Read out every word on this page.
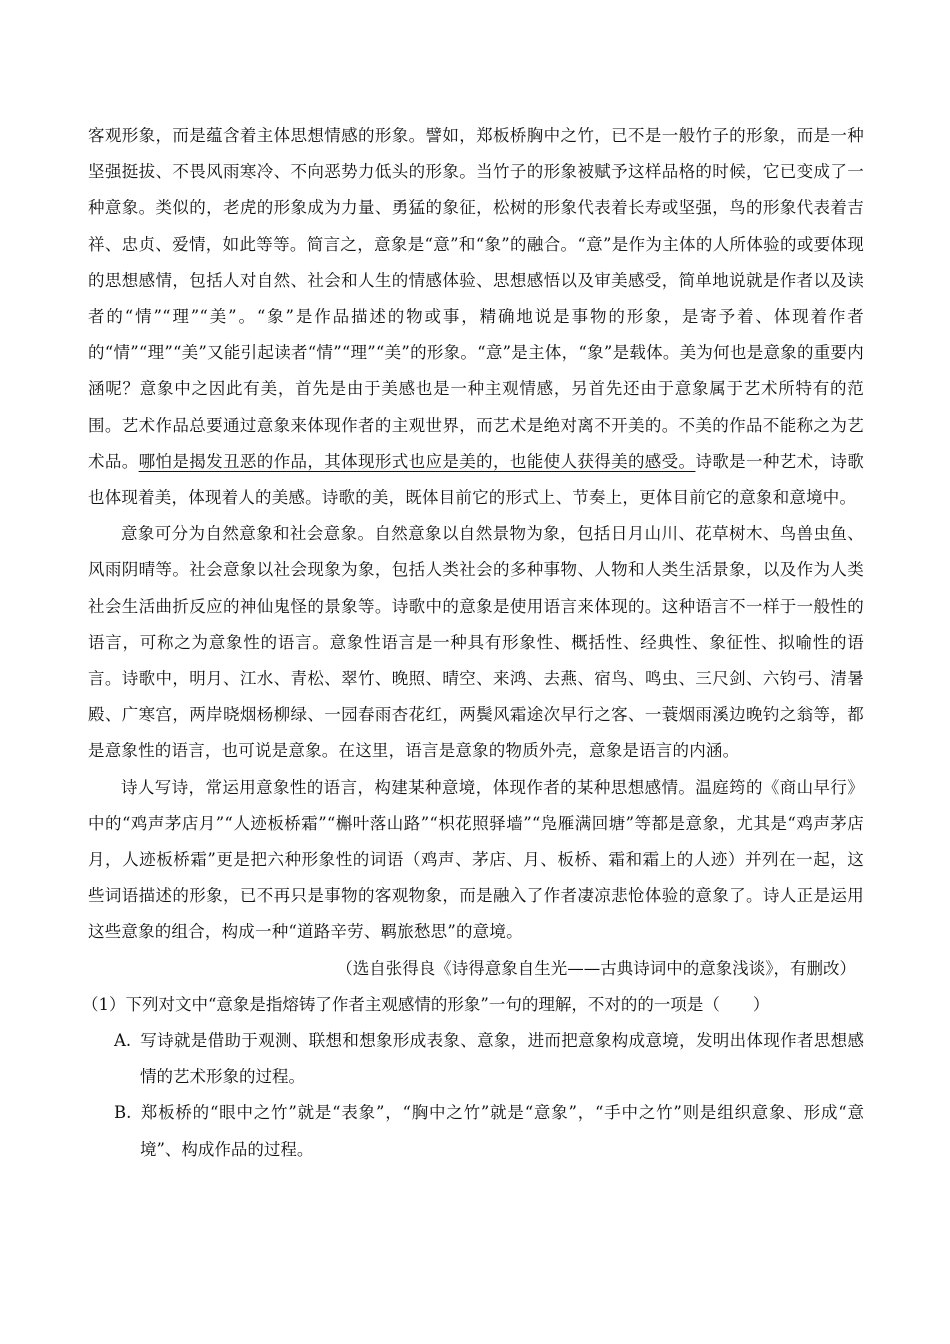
客观形象，而是蕴含着主体思想情感的形象。譬如，郑板桥胸中之竹，已不是一般竹子的形象，而是一种坚强挺拔、不畏风雨寒冷、不向恶势力低头的形象。当竹子的形象被赋予这样品格的时候，它已变成了一种意象。类似的，老虎的形象成为力量、勇猛的象征，松树的形象代表着长寿或坚强，鸟的形象代表着吉祥、忠贞、爱情，如此等等。简言之，意象是“意”和“象”的融合。“意”是作为主体的人所体验的或要体现的思想感情，包括人对自然、社会和人生的情感体验、思想感悟以及审美感受，简单地说就是作者以及读者的“情”“理”“美”。“象”是作品描述的物或事，精确地说是事物的形象，是寄予着、体现着作者的“情”“理”“美”又能引起读者“情”“理”“美”的形象。“意”是主体，“象”是载体。美为何也是意象的重要内涵呢？意象中之因此有美，首先是由于美感也是一种主观情感，另首先还由于意象属于艺术所特有的范围。艺术作品总要通过意象来体现作者的主观世界，而艺术是绝对离不开美的。不美的作品不能称之为艺术品。哪怕是揭发丑恶的作品，其体现形式也应是美的，也能使人获得美的感受。诗歌是一种艺术，诗歌也体现着美，体现着人的美感。诗歌的美，既体目前它的形式上、节奏上，更体目前它的意象和意境中。

意象可分为自然意象和社会意象。自然意象以自然景物为象，包括日月山川、花草树木、鸟兽虫鱼、风雨阴晴等。社会意象以社会现象为象，包括人类社会的多种事物、人物和人类生活景象，以及作为人类社会生活曲折反应的神仙鬼怪的景象等。诗歌中的意象是使用语言来体现的。这种语言不一样于一般性的语言，可称之为意象性的语言。意象性语言是一种具有形象性、概括性、经典性、象征性、拟喻性的语言。诗歌中，明月、江水、青松、翠竹、晚照、晴空、来鸿、去燕、宿鸟、鸣虫、三尺剑、六钧弓、清暑殿、广寒宫，两岸晓烟杨柳绿、一园春雨杏花红，两鬓风霜途次早行之客、一蓑烟雨溪边晚钓之翁等，都是意象性的语言，也可说是意象。在这里，语言是意象的物质外壳，意象是语言的内涵。

诗人写诗，常运用意象性的语言，构建某种意境，体现作者的某种思想感情。温庭筠的《商山早行》中的“鸡声茅店月”“人迹板桥霜”“槲叶落山路”“枳花照驿墙”“凫雁满回塘”等都是意象，尤其是“鸡声茅店月，人迹板桥霜”更是把六种形象性的词语（鸡声、茅店、月、板桥、霜和霜上的人迹）并列在一起，这些词语描述的形象，已不再只是事物的客观物象，而是融入了作者凄凉悲怆体验的意象了。诗人正是运用这些意象的组合，构成一种“道路辛劳、羁旅愁思”的意境。

（选自张得良《诗得意象自生光——古典诗词中的意象浅谈》，有删改）

（1）下列对文中“意象是指熔铸了作者主观感情的形象”一句的理解，不对的的一项是（　　）

A. 写诗就是借助于观测、联想和想象形成表象、意象，进而把意象构成意境，发明出体现作者思想感情的艺术形象的过程。

B. 郑板桥的“眼中之竹”就是“表象”，“胸中之竹”就是“意象”，“手中之竹”则是组织意象、形成“意境”、构成作品的过程。
